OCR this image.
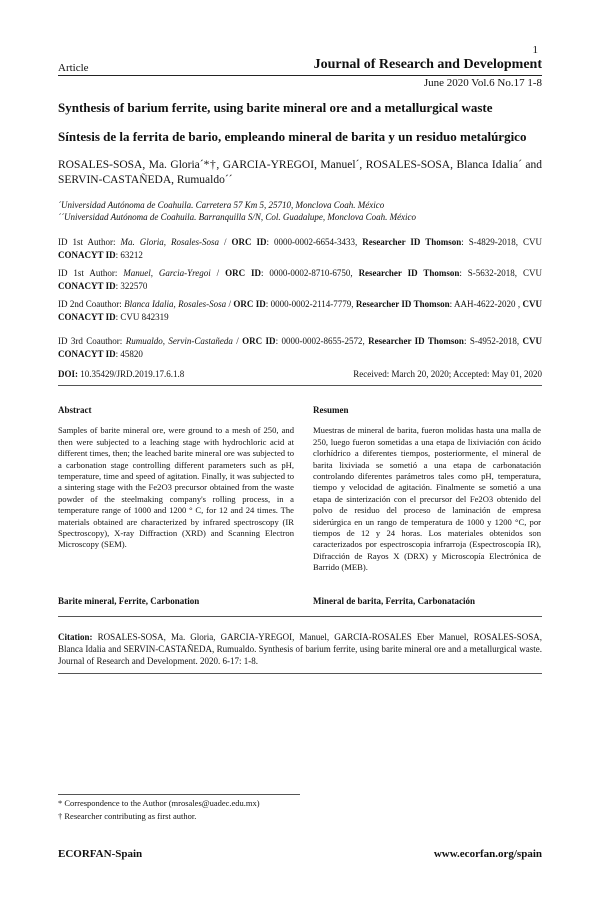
1
Article	Journal of Research and Development
June 2020 Vol.6 No.17 1-8
Synthesis of barium ferrite, using barite mineral ore and a metallurgical waste
Síntesis de la ferrita de bario, empleando mineral de barita y un residuo metalúrgico
ROSALES-SOSA, Ma. Gloria´*†, GARCIA-YREGOI, Manuel´, ROSALES-SOSA, Blanca Idalia´ and SERVIN-CASTAÑEDA, Rumualdo´´
´Universidad Autónoma de Coahuila. Carretera 57 Km 5, 25710, Monclova Coah. México
´´Universidad Autónoma de Coahuila. Barranquilla S/N, Col. Guadalupe, Monclova Coah. México
ID 1st Author: Ma. Gloria, Rosales-Sosa / ORC ID: 0000-0002-6654-3433, Researcher ID Thomson: S-4829-2018, CVU CONACYT ID: 63212
ID 1st Author: Manuel, Garcia-Yregoi / ORC ID: 0000-0002-8710-6750, Researcher ID Thomson: S-5632-2018, CVU CONACYT ID: 322570
ID 2nd Coauthor: Blanca Idalia, Rosales-Sosa / ORC ID: 0000-0002-2114-7779, Researcher ID Thomson: AAH-4622-2020 , CVU CONACYT ID: CVU 842319
ID 3rd Coauthor: Rumualdo, Servin-Castañeda / ORC ID: 0000-0002-8655-2572, Researcher ID Thomson: S-4952-2018, CVU CONACYT ID: 45820
DOI: 10.35429/JRD.2019.17.6.1.8	Received: March 20, 2020; Accepted: May 01, 2020
Abstract
Samples of barite mineral ore, were ground to a mesh of 250, and then were subjected to a leaching stage with hydrochloric acid at different times, then; the leached barite mineral ore was subjected to a carbonation stage controlling different parameters such as pH, temperature, time and speed of agitation. Finally, it was subjected to a sintering stage with the Fe2O3 precursor obtained from the waste powder of the steelmaking company's rolling process, in a temperature range of 1000 and 1200 ° C, for 12 and 24 times. The materials obtained are characterized by infrared spectroscopy (IR Spectroscopy), X-ray Diffraction (XRD) and Scanning Electron Microscopy (SEM).
Resumen
Muestras de mineral de barita, fueron molidas hasta una malla de 250, luego fueron sometidas a una etapa de lixiviación con ácido clorhídrico a diferentes tiempos, posteriormente, el mineral de barita lixiviada se sometió a una etapa de carbonatación controlando diferentes parámetros tales como pH, temperatura, tiempo y velocidad de agitación. Finalmente se sometió a una etapa de sinterización con el precursor del Fe2O3 obtenido del polvo de residuo del proceso de laminación de empresa siderúrgica en un rango de temperatura de 1000 y 1200 °C, por tiempos de 12 y 24 horas. Los materiales obtenidos son caracterizados por espectroscopia infrarroja (Espectroscopía IR), Difracción de Rayos X (DRX) y Microscopía Electrónica de Barrido (MEB).
Barite mineral, Ferrite, Carbonation	Mineral de barita, Ferrita, Carbonatación
Citation: ROSALES-SOSA, Ma. Gloria, GARCIA-YREGOI, Manuel, GARCIA-ROSALES Eber Manuel, ROSALES-SOSA, Blanca Idalia and SERVIN-CASTAÑEDA, Rumualdo. Synthesis of barium ferrite, using barite mineral ore and a metallurgical waste. Journal of Research and Development. 2020. 6-17: 1-8.
* Correspondence to the Author (mrosales@uadec.edu.mx)
† Researcher contributing as first author.
ECORFAN-Spain	www.ecorfan.org/spain
